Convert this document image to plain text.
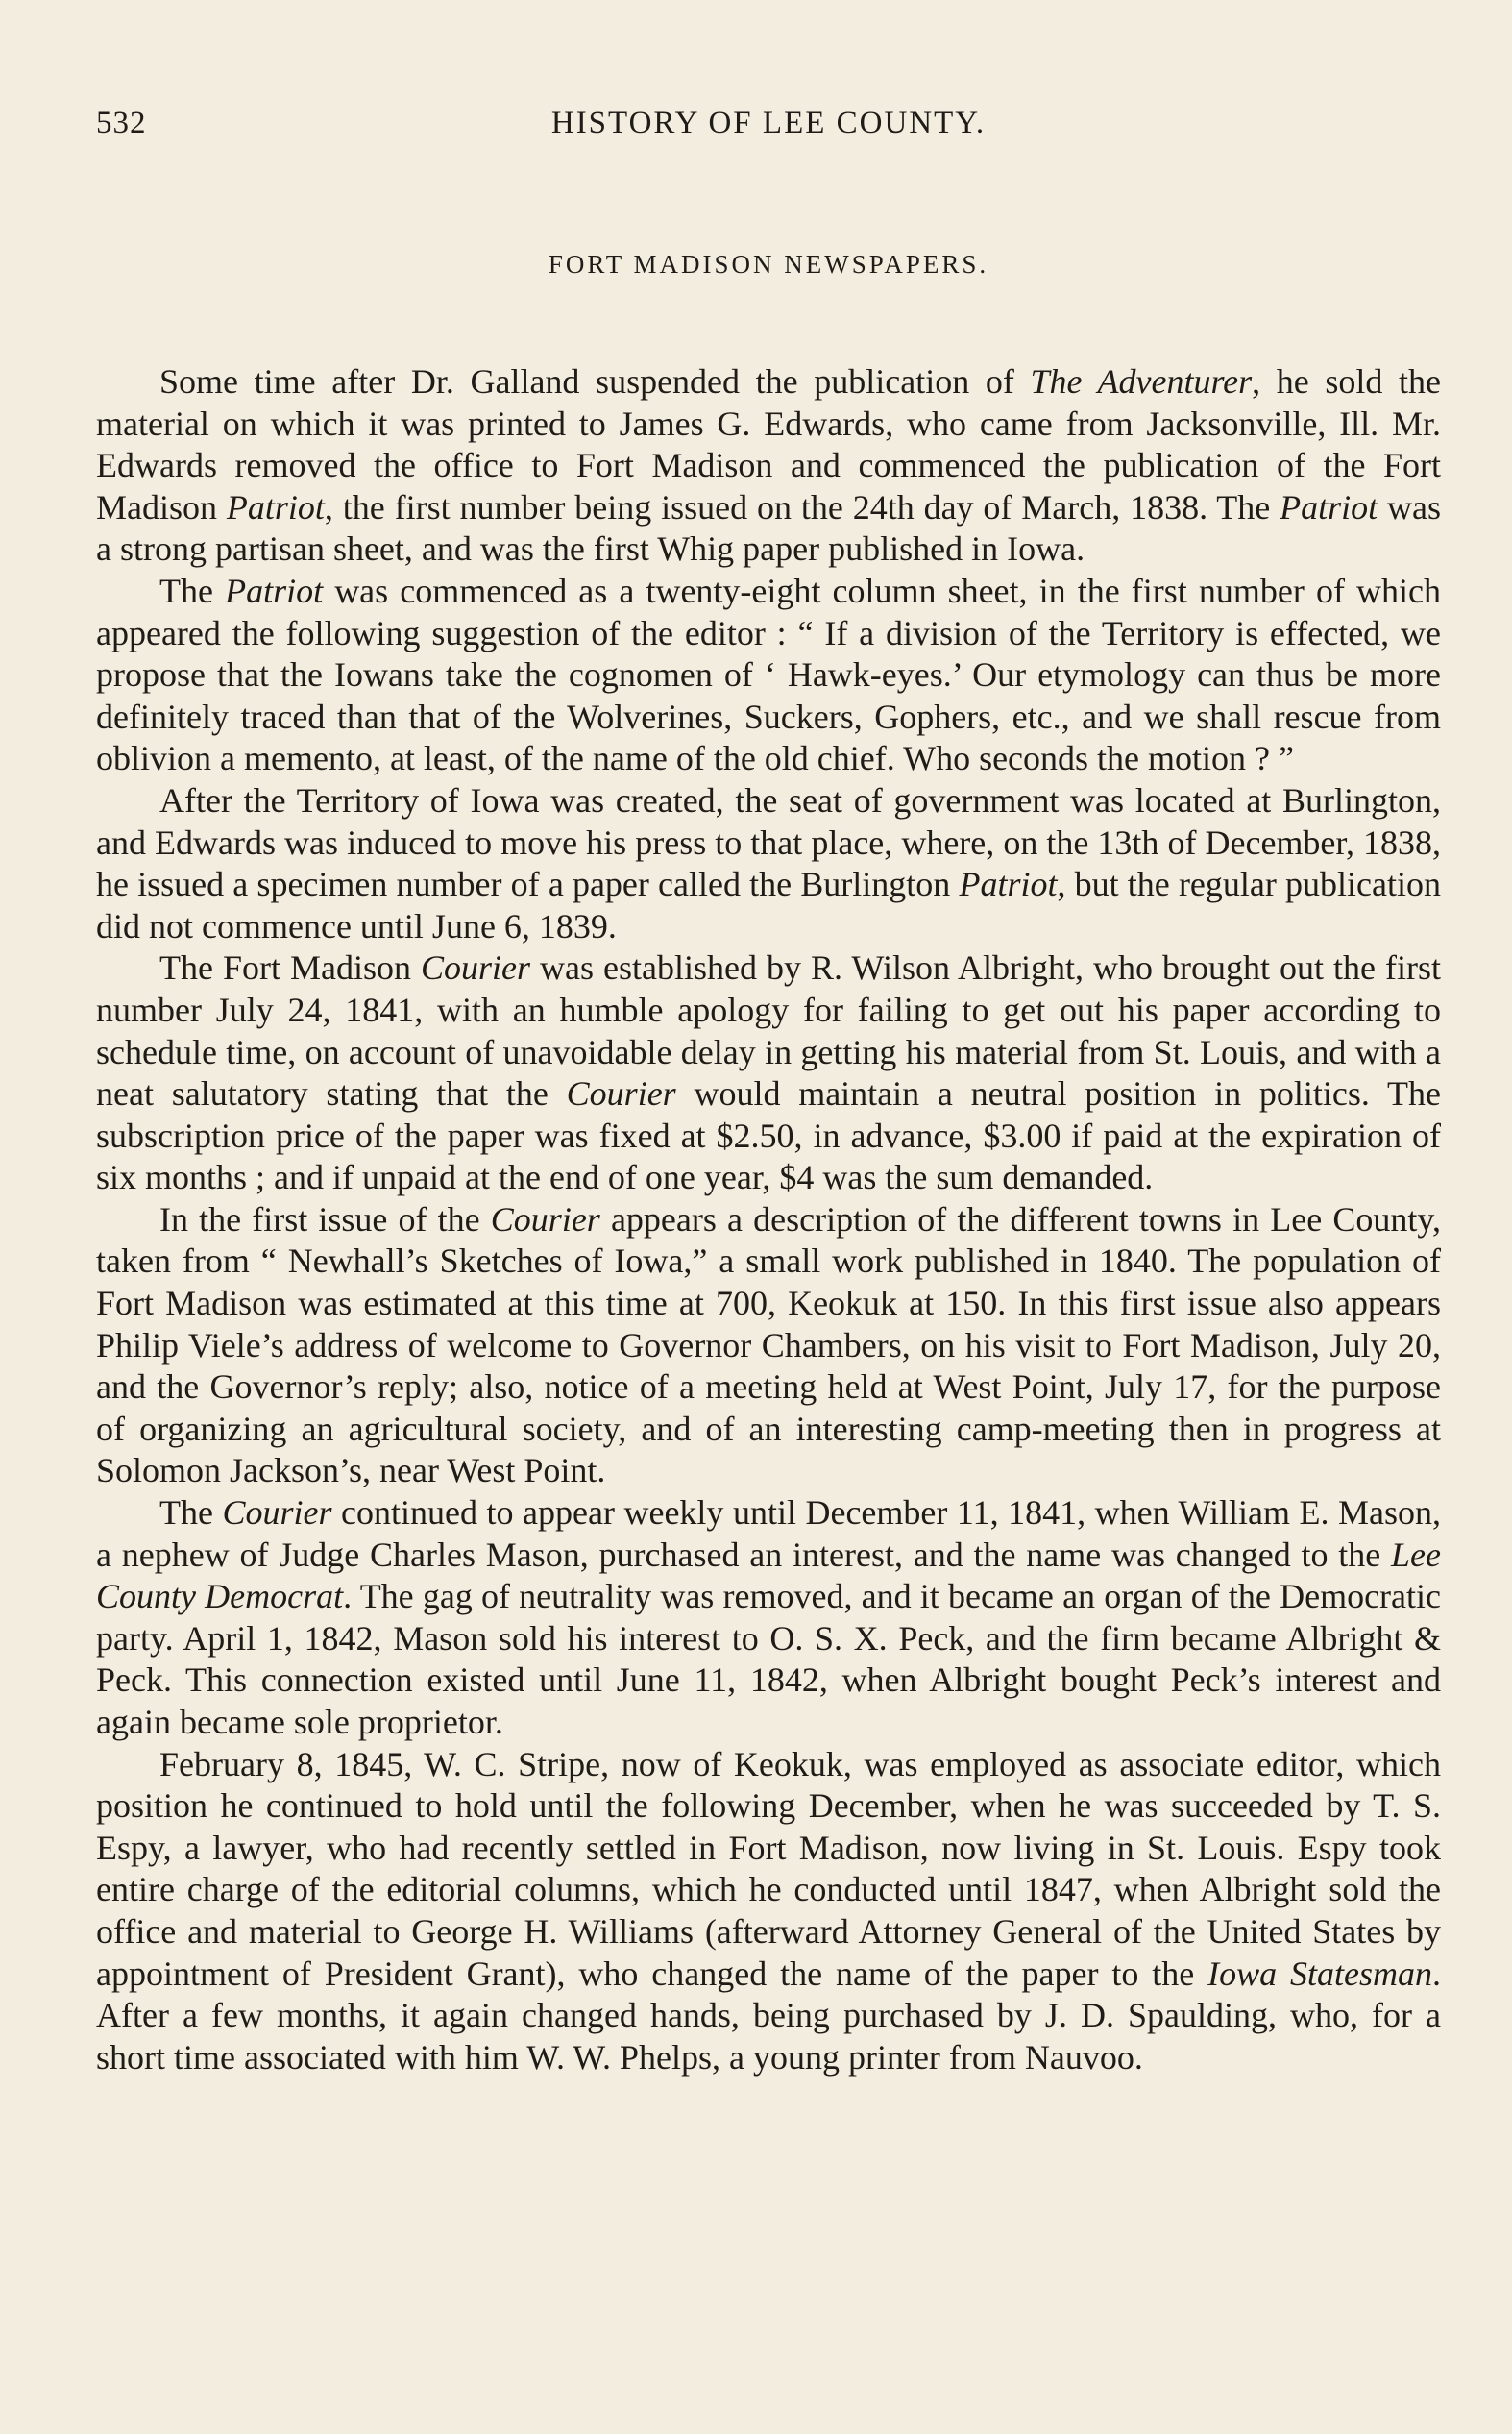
532	HISTORY OF LEE COUNTY.
FORT MADISON NEWSPAPERS.

Some time after Dr. Galland suspended the publication of The Adventurer, he sold the material on which it was printed to James G. Edwards, who came from Jacksonville, Ill. Mr. Edwards removed the office to Fort Madison and commenced the publication of the Fort Madison Patriot, the first number being issued on the 24th day of March, 1838. The Patriot was a strong partisan sheet, and was the first Whig paper published in Iowa.

The Patriot was commenced as a twenty-eight column sheet, in the first number of which appeared the following suggestion of the editor : “ If a division of the Territory is effected, we propose that the Iowans take the cognomen of ‘ Hawk-eyes.’ Our etymology can thus be more definitely traced than that of the Wolverines, Suckers, Gophers, etc., and we shall rescue from oblivion a memento, at least, of the name of the old chief. Who seconds the motion ? ”

After the Territory of Iowa was created, the seat of government was located at Burlington, and Edwards was induced to move his press to that place, where, on the 13th of December, 1838, he issued a specimen number of a paper called the Burlington Patriot, but the regular publication did not commence until June 6, 1839.

The Fort Madison Courier was established by R. Wilson Albright, who brought out the first number July 24, 1841, with an humble apology for failing to get out his paper according to schedule time, on account of unavoidable delay in getting his material from St. Louis, and with a neat salutatory stating that the Courier would maintain a neutral position in politics. The subscription price of the paper was fixed at $2.50, in advance, $3.00 if paid at the expiration of six months ; and if unpaid at the end of one year, $4 was the sum demanded.

In the first issue of the Courier appears a description of the different towns in Lee County, taken from “ Newhall’s Sketches of Iowa,” a small work published in 1840. The population of Fort Madison was estimated at this time at 700, Keokuk at 150. In this first issue also appears Philip Viele’s address of welcome to Governor Chambers, on his visit to Fort Madison, July 20, and the Governor’s reply; also, notice of a meeting held at West Point, July 17, for the purpose of organizing an agricultural society, and of an interesting camp-meeting then in progress at Solomon Jackson’s, near West Point.

The Courier continued to appear weekly until December 11, 1841, when William E. Mason, a nephew of Judge Charles Mason, purchased an interest, and the name was changed to the Lee County Democrat. The gag of neutrality was removed, and it became an organ of the Democratic party. April 1, 1842, Mason sold his interest to O. S. X. Peck, and the firm became Albright & Peck. This connection existed until June 11, 1842, when Albright bought Peck’s interest and again became sole proprietor.

February 8, 1845, W. C. Stripe, now of Keokuk, was employed as associate editor, which position he continued to hold until the following December, when he was succeeded by T. S. Espy, a lawyer, who had recently settled in Fort Madison, now living in St. Louis. Espy took entire charge of the editorial columns, which he conducted until 1847, when Albright sold the office and material to George H. Williams (afterward Attorney General of the United States by appointment of President Grant), who changed the name of the paper to the Iowa Statesman. After a few months, it again changed hands, being purchased by J. D. Spaulding, who, for a short time associated with him W. W. Phelps, a young printer from Nauvoo.
